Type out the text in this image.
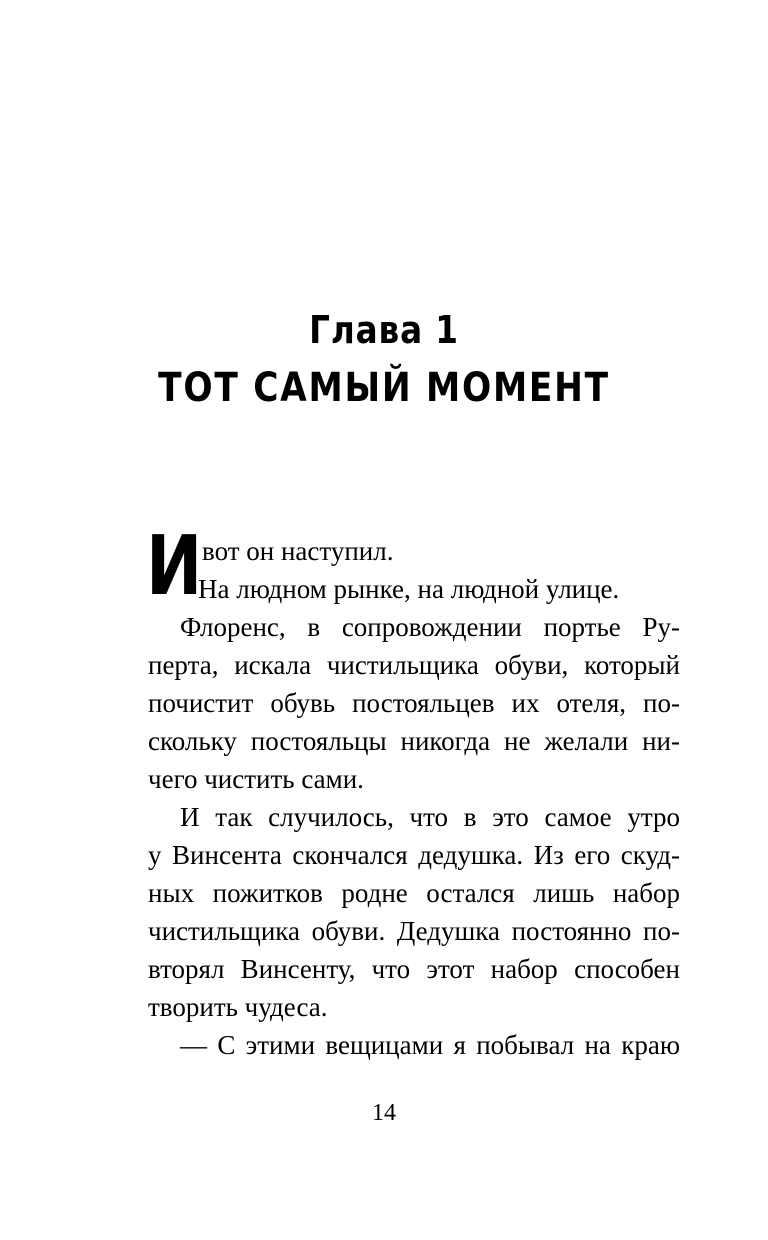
Глава 1
ТОТ САМЫЙ МОМЕНТ
И вот он наступил.
На людном рынке, на людной улице.
Флоренс, в сопровождении портье Ру-
перта, искала чистильщика обуви, который
почистит обувь постояльцев их отеля, по-
скольку постояльцы никогда не желали ни-
чего чистить сами.
И так случилось, что в это самое утро
у Винсента скончался дедушка. Из его скуд-
ных пожитков родне остался лишь набор
чистильщика обуви. Дедушка постоянно по-
вторял Винсенту, что этот набор способен
творить чудеса.
— С этими вещицами я побывал на краю
14
